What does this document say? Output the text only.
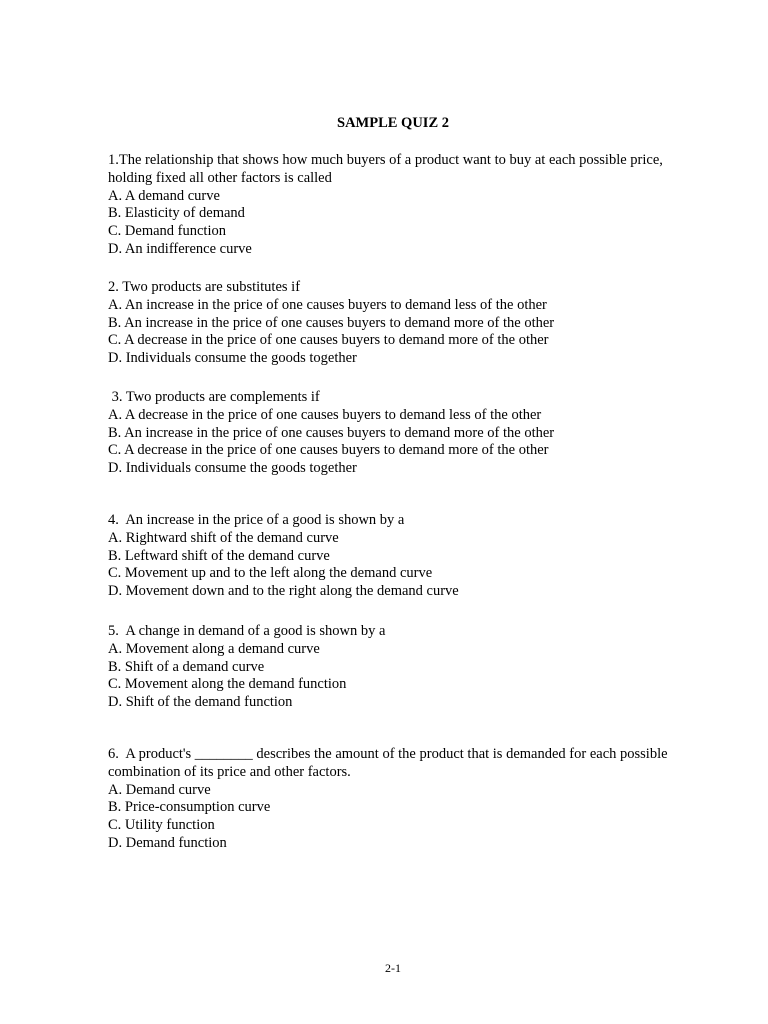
SAMPLE QUIZ 2
1.The relationship that shows how much buyers of a product want to buy at each possible price, holding fixed all other factors is called
A. A demand curve
B. Elasticity of demand
C. Demand function
D. An indifference curve
2. Two products are substitutes if
A. An increase in the price of one causes buyers to demand less of the other
B. An increase in the price of one causes buyers to demand more of the other
C. A decrease in the price of one causes buyers to demand more of the other
D. Individuals consume the goods together
3. Two products are complements if
A. A decrease in the price of one causes buyers to demand less of the other
B. An increase in the price of one causes buyers to demand more of the other
C. A decrease in the price of one causes buyers to demand more of the other
D. Individuals consume the goods together
4.  An increase in the price of a good is shown by a
A. Rightward shift of the demand curve
B. Leftward shift of the demand curve
C. Movement up and to the left along the demand curve
D. Movement down and to the right along the demand curve
5.  A change in demand of a good is shown by a
A. Movement along a demand curve
B. Shift of a demand curve
C. Movement along the demand function
D. Shift of the demand function
6.  A product's ________ describes the amount of the product that is demanded for each possible combination of its price and other factors.
A. Demand curve
B. Price-consumption curve
C. Utility function
D. Demand function
2-1
